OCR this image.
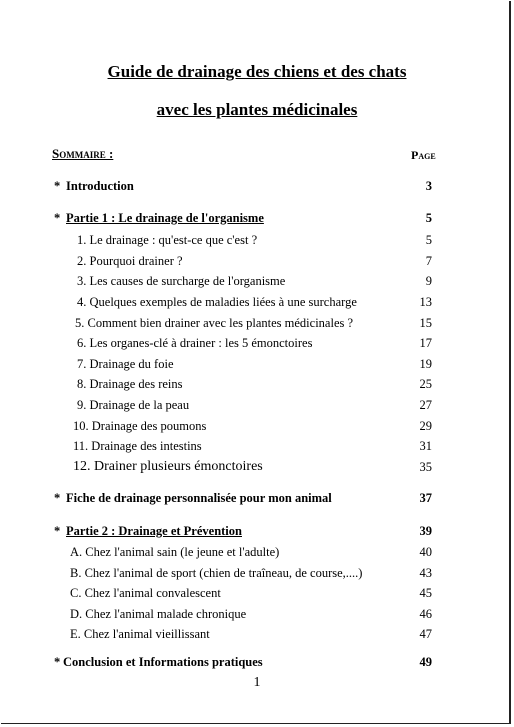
Guide de drainage des chiens et des chats
avec les plantes médicinales
Sommaire :	Page
* Introduction	3
* Partie 1 : Le drainage de l'organisme	5
1. Le drainage : qu'est-ce que c'est ?	5
2. Pourquoi drainer ?	7
3. Les causes de surcharge de l'organisme	9
4. Quelques exemples de maladies liées à une surcharge	13
5. Comment bien drainer avec les plantes médicinales ?	15
6. Les organes-clé à drainer : les 5 émonctoires	17
7. Drainage du foie	19
8. Drainage des reins	25
9. Drainage de la peau	27
10. Drainage des poumons	29
11. Drainage des intestins	31
12. Drainer plusieurs émonctoires	35
* Fiche de drainage personnalisée pour mon animal	37
* Partie 2 : Drainage et Prévention	39
A. Chez l'animal sain (le jeune et l'adulte)	40
B. Chez l'animal de sport (chien de traîneau, de course,....)	43
C. Chez l'animal convalescent	45
D. Chez l'animal malade chronique	46
E. Chez l'animal vieillissant	47
* Conclusion et Informations pratiques	49
1
